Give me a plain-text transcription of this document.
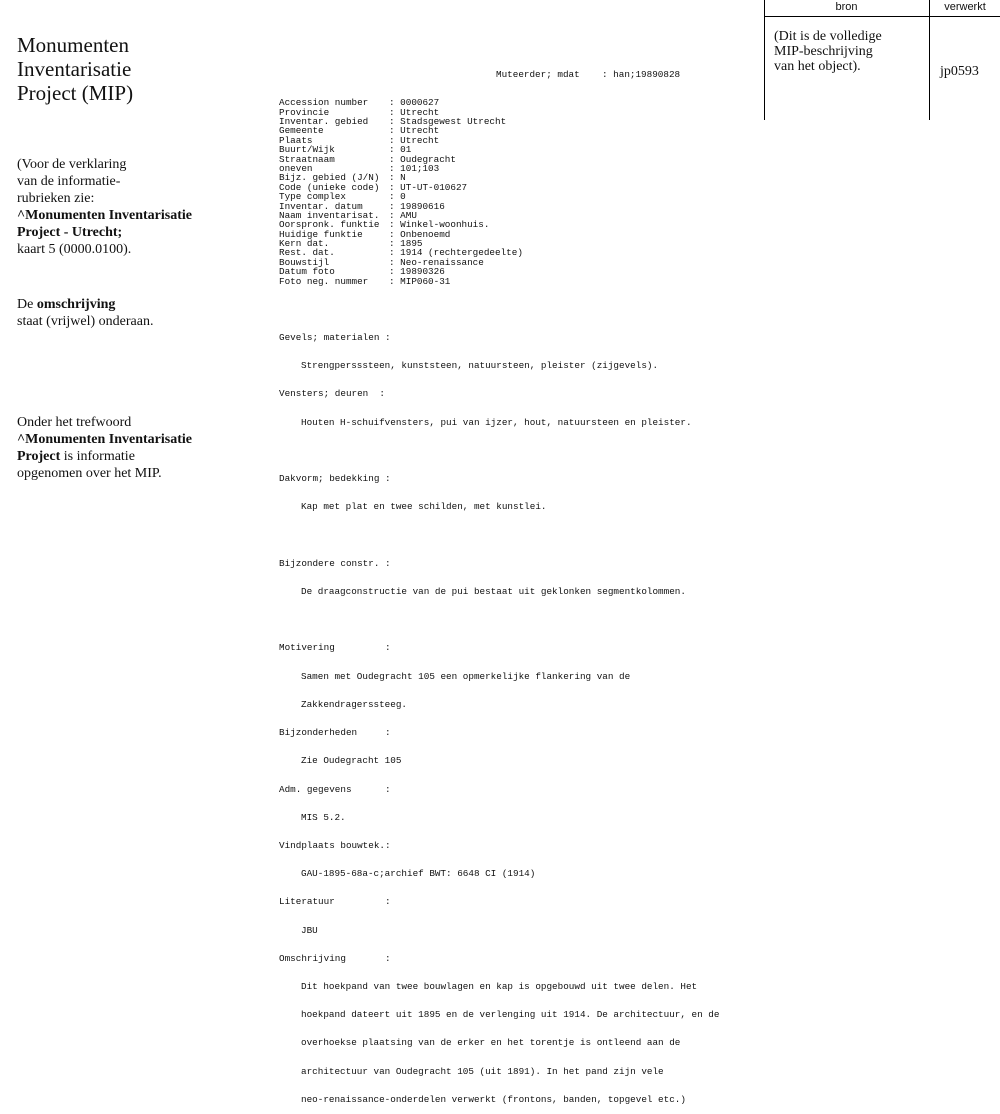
Monumenten
Inventarisatie
Project (MIP)
(Voor de verklaring
van de informatie-
rubrieken zie:
^Monumenten Inventarisatie
Project - Utrecht;
kaart 5 (0000.0100).
De omschrijving
staat (vrijwel) onderaan.
Onder het trefwoord
^Monumenten Inventarisatie
Project is informatie
opgenomen over het MIP.
bron	verwerkt
(Dit is de volledige
MIP-beschrijving
van het object).	jp0593

Muteerder; mdat    : han;19890828

Accession number : 0000627
Provincie	: Utrecht
Inventar. gebied : Stadsgewest Utrecht
Gemeente	: Utrecht
Plaats	: Utrecht
Buurt/Wijk	: 01
Straatnaam	: Oudegracht
oneven	: 101;103
Bijz. gebied (J/N) : N
Code (unieke code) : UT-UT-010627
Type complex	: 0
Inventar. datum	: 19890616
Naam inventarisat. : AMU
Oorspronk. funktie : Winkel-woonhuis.
Huidige funktie	: Onbenoemd
Kern dat.	: 1895
Rest. dat.	: 1914 (rechtergedeelte)
Bouwstijl	: Neo-renaissance
Datum foto	: 19890326
Foto neg. nummer : MIP060-31

Gevels; materialen :

Strengpersssteen, kunststeen, natuursteen, pleister (zijgevels).

Vensters; deuren  :

Houten H-schuifvensters, pui van ijzer, hout, natuursteen en pleister.

Dakvorm; bedekking :

Kap met plat en twee schilden, met kunstlei.

Bijzondere constr. :

De draagconstructie van de pui bestaat uit geklonken segmentkolommen.

Motivering         :

Samen met Oudegracht 105 een opmerkelijke flankering van de

Zakkendragerssteeg.

Bijzonderheden     :

Zie Oudegracht 105

Adm. gegevens      :

MIS 5.2.

Vindplaats bouwtek.:

GAU-1895-68a-c;archief BWT: 6648 CI (1914)

Literatuur         :

JBU

Omschrijving       :

Dit hoekpand van twee bouwlagen en kap is opgebouwd uit twee delen. Het

hoekpand dateert uit 1895 en de verlenging uit 1914. De architectuur, en de

overhoekse plaatsing van de erker en het torentje is ontleend aan de

architectuur van Oudegracht 105 (uit 1891). In het pand zijn vele

neo-renaissance-onderdelen verwerkt (frontons, banden, topgevel etc.)
